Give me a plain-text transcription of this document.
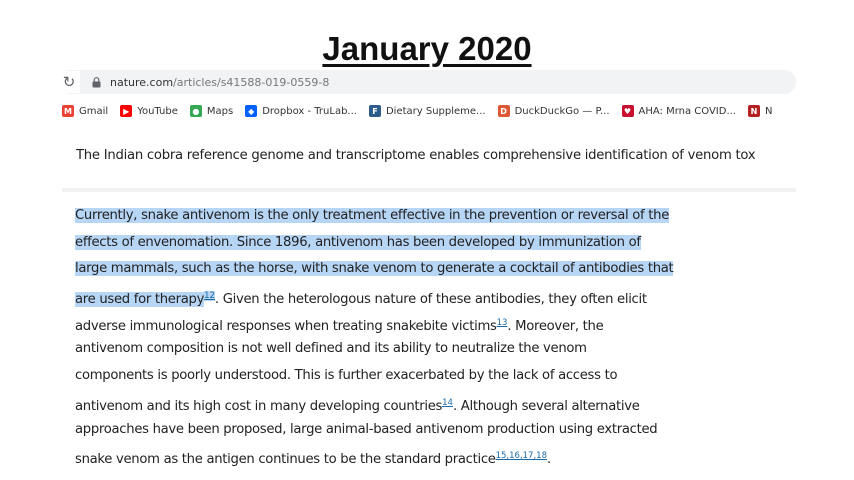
January 2020
↻	nature.com/articles/s41588-019-0559-8
M Gmail	▶ YouTube	● Maps	◆ Dropbox - TruLab...	F Dietary Suppleme...	D DuckDuckGo — P...	♥ AHA: Mrna COVID...	N N
The Indian cobra reference genome and transcriptome enables comprehensive identification of venom tox
Currently, snake antivenom is the only treatment effective in the prevention or reversal of the
effects of envenomation. Since 1896, antivenom has been developed by immunization of
large mammals, such as the horse, with snake venom to generate a cocktail of antibodies that
are used for therapy$^{12}$. Given the heterologous nature of these antibodies, they often elicit
adverse immunological responses when treating snakebite victims$^{13}$. Moreover, the
antivenom composition is not well defined and its ability to neutralize the venom
components is poorly understood. This is further exacerbated by the lack of access to
antivenom and its high cost in many developing countries$^{14}$. Although several alternative
approaches have been proposed, large animal-based antivenom production using extracted
snake venom as the antigen continues to be the standard practice$^{15,16,17,18}$.
